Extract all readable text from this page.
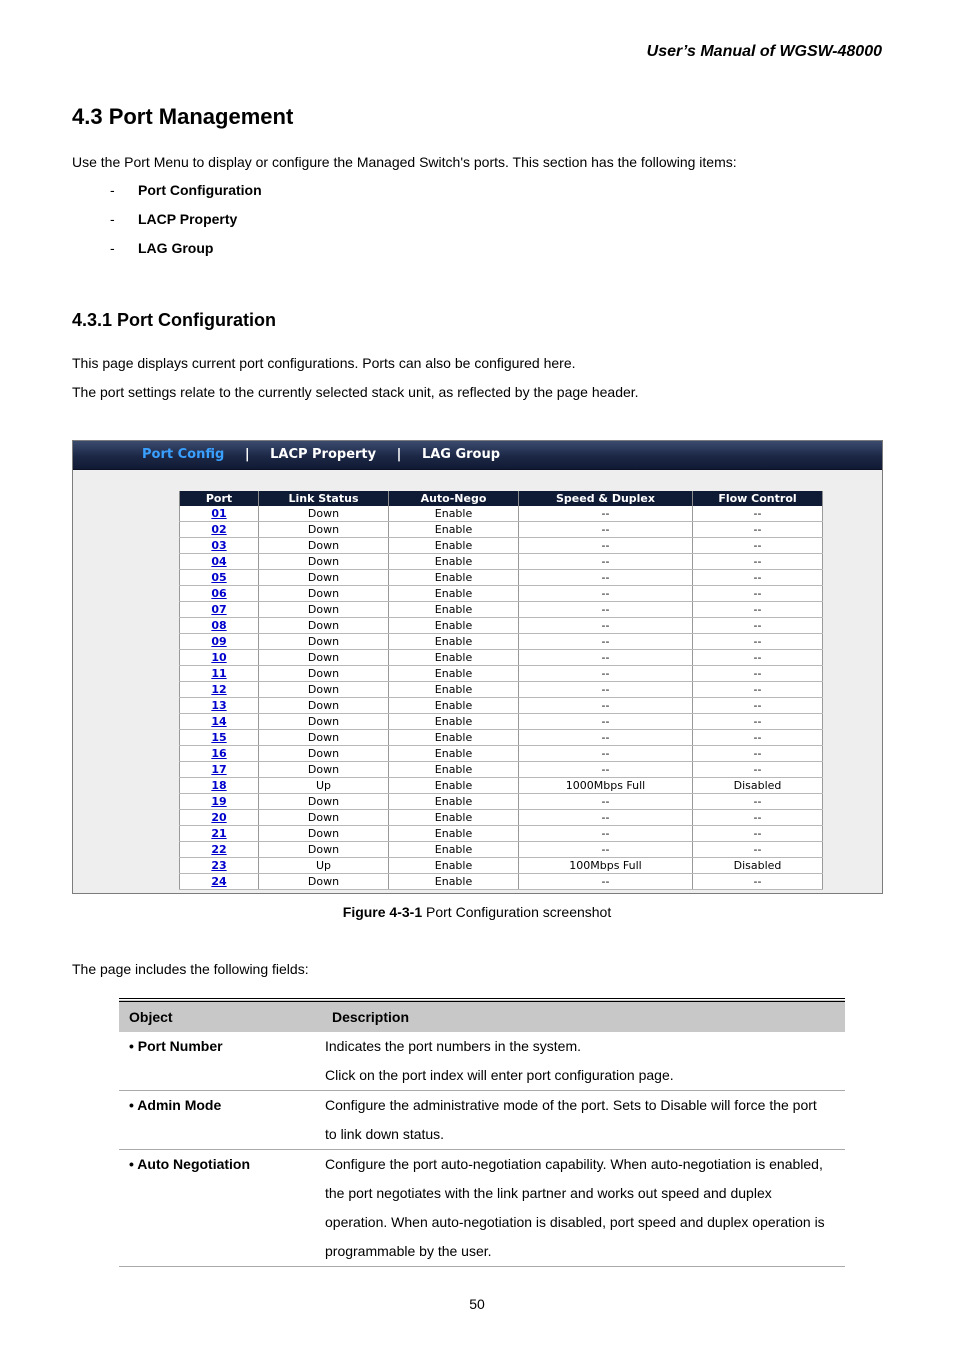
User’s Manual of WGSW-48000
4.3 Port Management
Use the Port Menu to display or configure the Managed Switch's ports. This section has the following items:
- Port Configuration
- LACP Property
- LAG Group
4.3.1 Port Configuration
This page displays current port configurations. Ports can also be configured here.
The port settings relate to the currently selected stack unit, as reflected by the page header.
Port Config | LACP Property | LAG Group
Port	Link Status	Auto-Nego	Speed & Duplex	Flow Control
01	Down	Enable	--	--
02	Down	Enable	--	--
03	Down	Enable	--	--
04	Down	Enable	--	--
05	Down	Enable	--	--
06	Down	Enable	--	--
07	Down	Enable	--	--
08	Down	Enable	--	--
09	Down	Enable	--	--
10	Down	Enable	--	--
11	Down	Enable	--	--
12	Down	Enable	--	--
13	Down	Enable	--	--
14	Down	Enable	--	--
15	Down	Enable	--	--
16	Down	Enable	--	--
17	Down	Enable	--	--
18	Up	Enable	1000Mbps Full	Disabled
19	Down	Enable	--	--
20	Down	Enable	--	--
21	Down	Enable	--	--
22	Down	Enable	--	--
23	Up	Enable	100Mbps Full	Disabled
24	Down	Enable	--	--
Figure 4-3-1 Port Configuration screenshot
The page includes the following fields:
Object	Description

• Port Number	Indicates the port numbers in the system.
Click on the port index will enter port configuration page.

• Admin Mode	Configure the administrative mode of the port. Sets to Disable will force the port
to link down status.

• Auto Negotiation	Configure the port auto-negotiation capability. When auto-negotiation is enabled,
the port negotiates with the link partner and works out speed and duplex
operation. When auto-negotiation is disabled, port speed and duplex operation is
programmable by the user.
50
